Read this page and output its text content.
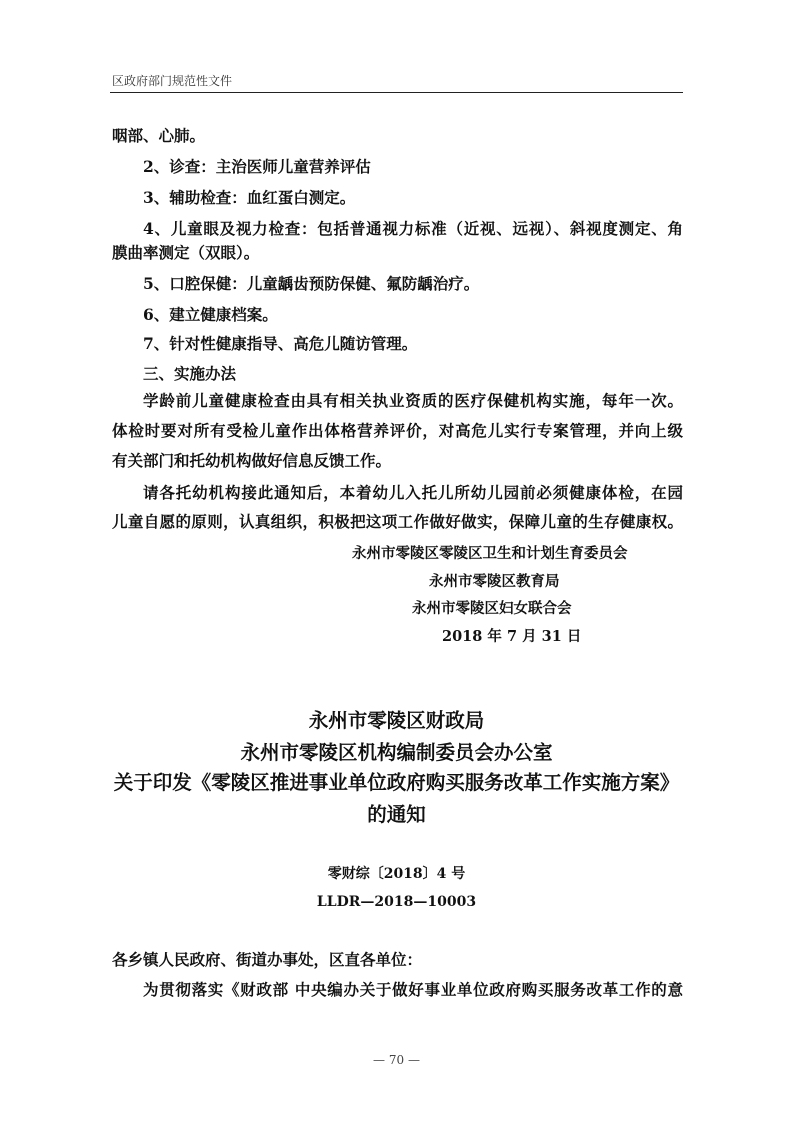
区政府部门规范性文件
咽部、心肺。
2、诊查：主治医师儿童营养评估
3、辅助检查：血红蛋白测定。
4、儿童眼及视力检查：包括普通视力标准（近视、远视）、斜视度测定、角
膜曲率测定（双眼）。
5、口腔保健：儿童龋齿预防保健、氟防龋治疗。
6、建立健康档案。
7、针对性健康指导、高危儿随访管理。
三、实施办法
学龄前儿童健康检查由具有相关执业资质的医疗保健机构实施，每年一次。
体检时要对所有受检儿童作出体格营养评价，对高危儿实行专案管理，并向上级
有关部门和托幼机构做好信息反馈工作。
请各托幼机构接此通知后，本着幼儿入托儿所幼儿园前必须健康体检，在园
儿童自愿的原则，认真组织，积极把这项工作做好做实，保障儿童的生存健康权。
永州市零陵区零陵区卫生和计划生育委员会
永州市零陵区教育局
永州市零陵区妇女联合会
2018 年 7 月 31 日
永州市零陵区财政局
永州市零陵区机构编制委员会办公室
关于印发《零陵区推进事业单位政府购买服务改革工作实施方案》
的通知
零财综〔2018〕4 号
LLDR—2018—10003
各乡镇人民政府、街道办事处，区直各单位：
为贯彻落实《财政部 中央编办关于做好事业单位政府购买服务改革工作的意
— 70 —
